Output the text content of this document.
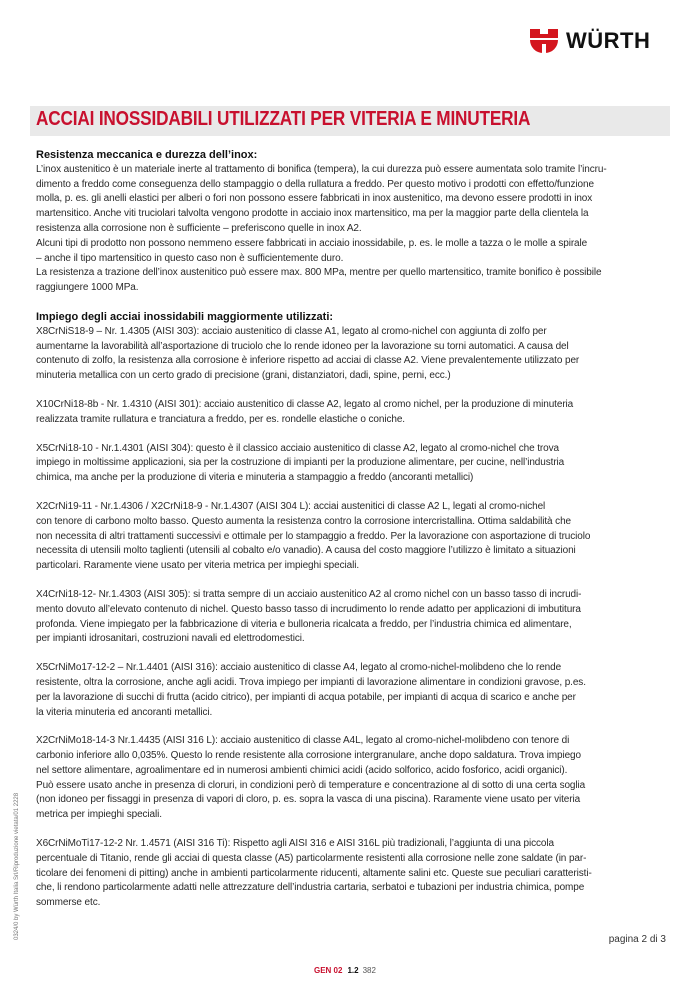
WÜRTH
ACCIAI INOSSIDABILI UTILIZZATI PER VITERIA E MINUTERIA
Resistenza meccanica e durezza dell’inox:
L’inox austenitico è un materiale inerte al trattamento di bonifica (tempera), la cui durezza può essere aumentata solo tramite l’incru-
dimento a freddo come conseguenza dello stampaggio o della rullatura a freddo. Per questo motivo i prodotti con effetto/funzione
molla, p. es. gli anelli elastici per alberi o fori non possono essere fabbricati in inox austenitico, ma devono essere prodotti in inox
martensitico. Anche viti truciolari talvolta vengono prodotte in acciaio inox martensitico, ma per la maggior parte della clientela la
resistenza alla corrosione non è sufficiente – preferiscono quelle in inox A2.
Alcuni tipi di prodotto non possono nemmeno essere fabbricati in acciaio inossidabile, p. es. le molle a tazza o le molle a spirale
– anche il tipo martensitico in questo caso non è sufficientemente duro.
La resistenza a trazione dell’inox austenitico può essere max. 800 MPa, mentre per quello martensitico, tramite bonifico è possibile
raggiungere 1000 MPa.
Impiego degli acciai inossidabili maggiormente utilizzati:
X8CrNiS18-9 – Nr. 1.4305 (AISI 303): acciaio austenitico di classe A1, legato al cromo-nichel con aggiunta di zolfo per
aumentarne la lavorabilità all’asportazione di truciolo che lo rende idoneo per la lavorazione su torni automatici. A causa del
contenuto di zolfo, la resistenza alla corrosione è inferiore rispetto ad acciai di classe A2. Viene prevalentemente utilizzato per
minuteria metallica con un certo grado di precisione (grani, distanziatori, dadi, spine, perni, ecc.)
X10CrNi18-8b - Nr. 1.4310 (AISI 301): acciaio austenitico di classe A2, legato al cromo nichel, per la produzione di minuteria
realizzata tramite rullatura e tranciatura a freddo, per es. rondelle elastiche o coniche.
X5CrNi18-10 - Nr.1.4301 (AISI 304): questo è il classico acciaio austenitico di classe A2, legato al cromo-nichel che trova
impiego in moltissime applicazioni, sia per la costruzione di impianti per la produzione alimentare, per cucine, nell’industria
chimica, ma anche per la produzione di viteria e minuteria a stampaggio a freddo (ancoranti metallici)
X2CrNi19-11 - Nr.1.4306 / X2CrNi18-9 - Nr.1.4307 (AISI 304 L): acciai austenitici di classe A2 L, legati al cromo-nichel
con tenore di carbono molto basso. Questo aumenta la resistenza contro la corrosione intercristallina. Ottima saldabilità che
non necessita di altri trattamenti successivi e ottimale per lo stampaggio a freddo. Per la lavorazione con asportazione di truciolo
necessita di utensili molto taglienti (utensili al cobalto e/o vanadio). A causa del costo maggiore l’utilizzo è limitato a situazioni
particolari. Raramente viene usato per viteria metrica per impieghi speciali.
X4CrNi18-12- Nr.1.4303 (AISI 305): si tratta sempre di un acciaio austenitico A2 al cromo nichel con un basso tasso di incrudi-
mento dovuto all’elevato contenuto di nichel. Questo basso tasso di incrudimento lo rende adatto per applicazioni di imbutitura
profonda. Viene impiegato per la fabbricazione di viteria e bulloneria ricalcata a freddo, per l’industria chimica ed alimentare,
per impianti idrosanitari, costruzioni navali ed elettrodomestici.
X5CrNiMo17-12-2 – Nr.1.4401 (AISI 316): acciaio austenitico di classe A4, legato al cromo-nichel-molibdeno che lo rende
resistente, oltra la corrosione, anche agli acidi. Trova impiego per impianti di lavorazione alimentare in condizioni gravose, p.es.
per la lavorazione di succhi di frutta (acido citrico), per impianti di acqua potabile, per impianti di acqua di scarico e anche per
la viteria minuteria ed ancoranti metallici.
X2CrNiMo18-14-3 Nr.1.4435 (AISI 316 L): acciaio austenitico di classe A4L, legato al cromo-nichel-molibdeno con tenore di
carbonio inferiore allo 0,035%. Questo lo rende resistente alla corrosione intergranulare, anche dopo saldatura. Trova impiego
nel settore alimentare, agroalimentare ed in numerosi ambienti chimici acidi (acido solforico, acido fosforico, acidi organici).
Può essere usato anche in presenza di cloruri, in condizioni però di temperature e concentrazione al di sotto di una certa soglia
(non idoneo per fissaggi in presenza di vapori di cloro, p. es. sopra la vasca di una piscina). Raramente viene usato per viteria
metrica per impieghi speciali.
X6CrNiMoTi17-12-2 Nr. 1.4571 (AISI 316 Ti): Rispetto agli AISI 316 e AISI 316L più tradizionali, l’aggiunta di una piccola
percentuale di Titanio, rende gli acciai di questa classe (A5) particolarmente resistenti alla corrosione nelle zone saldate (in par-
ticolare dei fenomeni di pitting) anche in ambienti particolarmente riducenti, altamente salini etc. Queste sue peculiari caratteristi-
che, li rendono particolarmente adatti nelle attrezzature dell’industria cartaria, serbatoi e tubazioni per industria chimica, pompe
sommerse etc.
0324/0 by Würth Italia Srl/Riproduzione vietata/01 2228	pagina 2 di 3
GEN 02 1.2 382
